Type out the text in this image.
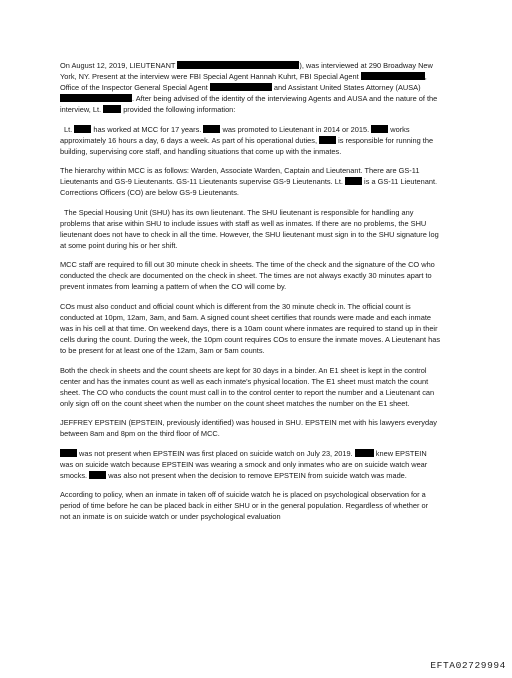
On August 12, 2019, LIEUTENANT	), was interviewed at 290 Broadway New York, NY. Present at the interview were FBI Special Agent Hannah Kuhrt, FBI Special Agent	, Office of the Inspector General Special Agent	and Assistant United States Attorney (AUSA) . After being advised of the identity of the interviewing Agents and AUSA and the nature of the interview, Lt.  provided the following information:

Lt.  has worked at MCC for 17 years.  was promoted to Lieutenant in 2014 or 2015.  works approximately 16 hours a day, 6 days a week. As part of his operational duties,  is responsible for running the building, supervising core staff, and handling situations that come up with the inmates.

The hierarchy within MCC is as follows: Warden, Associate Warden, Captain and Lieutenant. There are GS-11 Lieutenants and GS-9 Lieutenants. GS-11 Lieutenants supervise GS-9 Lieutenants. Lt.  is a GS-11 Lieutenant. Corrections Officers (CO) are below GS-9 Lieutenants.

The Special Housing Unit (SHU) has its own lieutenant. The SHU lieutenant is responsible for handling any problems that arise within SHU to include issues with staff as well as inmates. If there are no problems, the SHU lieutenant does not have to check in all the time. However, the SHU lieutenant must sign in to the SHU signature log at some point during his or her shift.

MCC staff are required to fill out 30 minute check in sheets. The time of the check and the signature of the CO who conducted the check are documented on the check in sheet. The times are not always exactly 30 minutes apart to prevent inmates from learning a pattern of when the CO will come by.

COs must also conduct and official count which is different from the 30 minute check in. The official count is conducted at 10pm, 12am, 3am, and 5am. A signed count sheet certifies that rounds were made and each inmate was in his cell at that time. On weekend days, there is a 10am count where inmates are required to stand up in their cells during the count. During the week, the 10pm count requires COs to ensure the inmate moves. A Lieutenant has to be present for at least one of the 12am, 3am or 5am counts.

Both the check in sheets and the count sheets are kept for 30 days in a binder. An E1 sheet is kept in the control center and has the inmates count as well as each inmate's physical location. The E1 sheet must match the count sheet. The CO who conducts the count must call in to the control center to report the number and a Lieutenant can only sign off on the count sheet when the number on the count sheet matches the number on the E1 sheet.

JEFFREY EPSTEIN (EPSTEIN, previously identified) was housed in SHU. EPSTEIN met with his lawyers everyday between 8am and 8pm on the third floor of MCC.

was not present when EPSTEIN was first placed on suicide watch on July 23, 2019.	knew EPSTEIN was on suicide watch because EPSTEIN was wearing a smock and only inmates who are on suicide watch wear smocks.  was also not present when the decision to remove EPSTEIN from suicide watch was made.

According to policy, when an inmate in taken off of suicide watch he is placed on psychological observation for a period of time before he can be placed back in either SHU or in the general population. Regardless of whether or not an inmate is on suicide watch or under psychological evaluation

EFTA02729994
